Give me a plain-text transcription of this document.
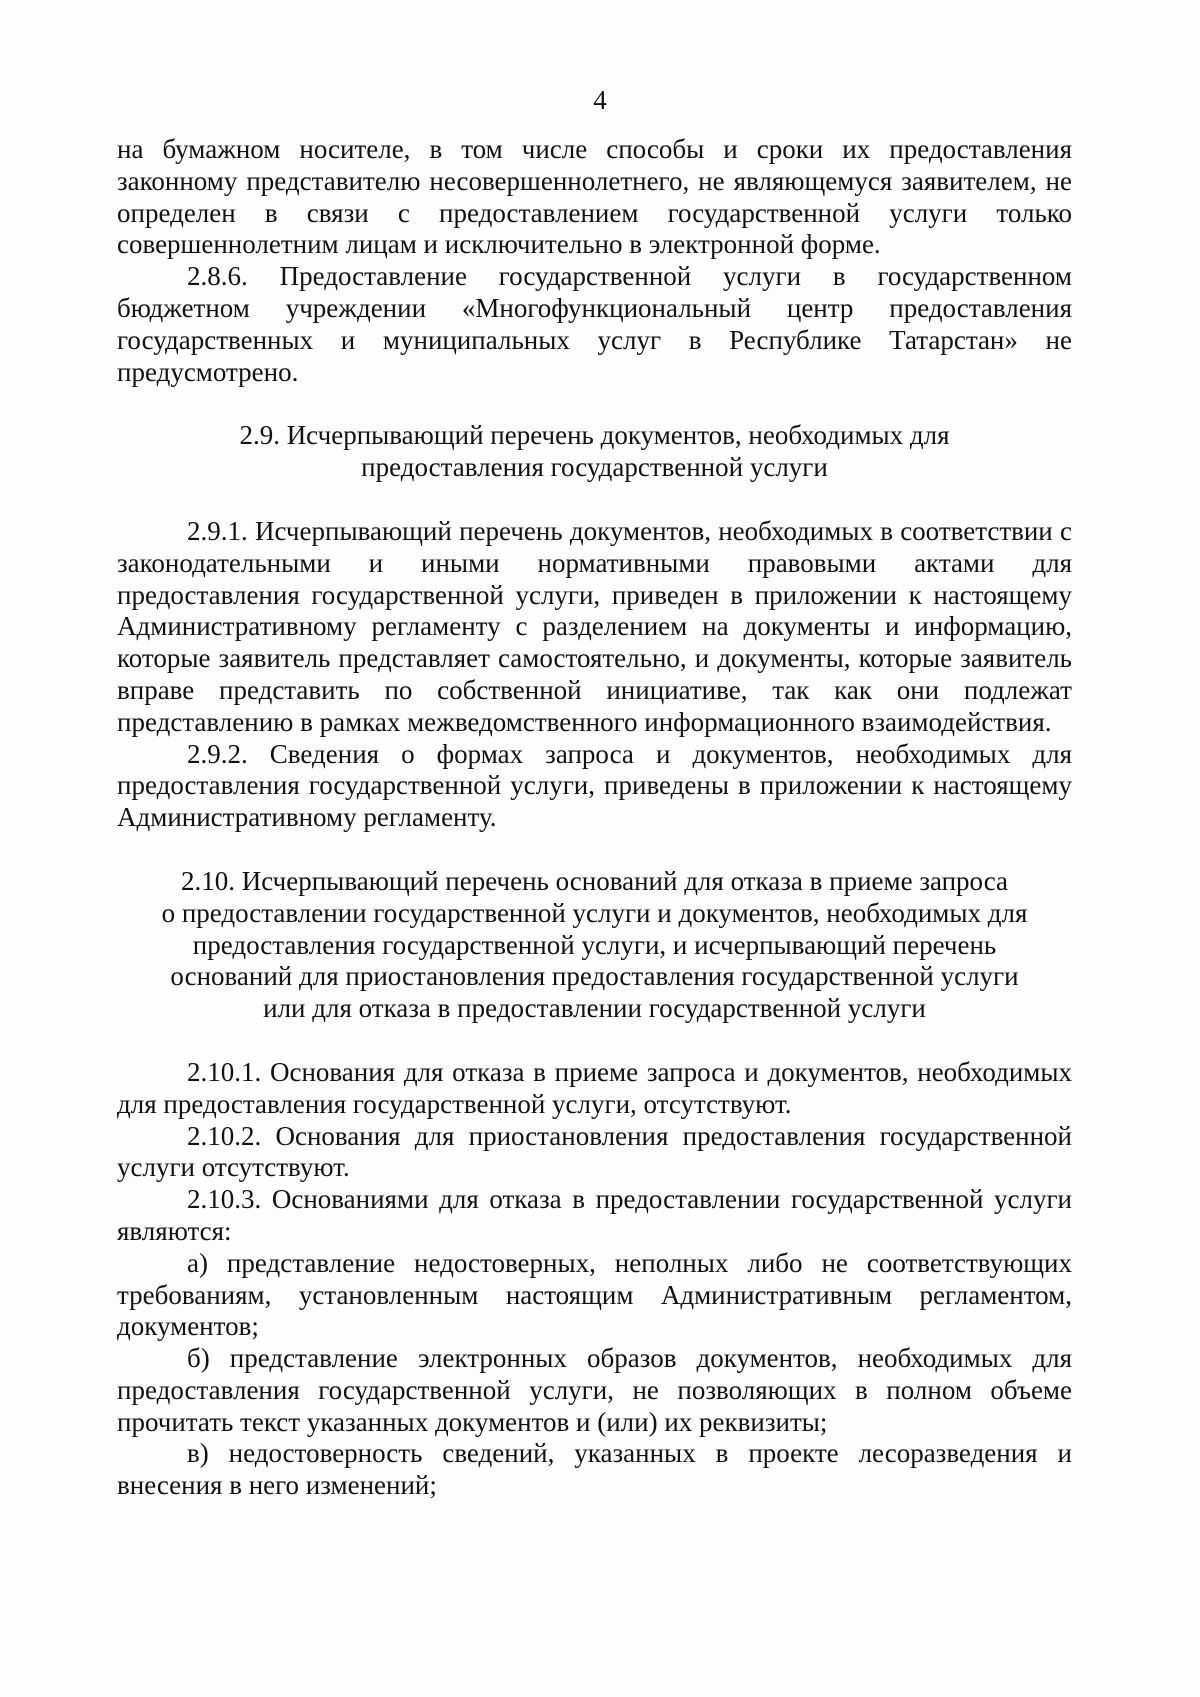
4

на бумажном носителе, в том числе способы и сроки их предоставления законному представителю несовершеннолетнего, не являющемуся заявителем, не определен в связи с предоставлением государственной услуги только совершеннолетним лицам и исключительно в электронной форме.

2.8.6. Предоставление государственной услуги в государственном бюджетном учреждении «Многофункциональный центр предоставления государственных и муниципальных услуг в Республике Татарстан» не предусмотрено.

2.9. Исчерпывающий перечень документов, необходимых для
предоставления государственной услуги

2.9.1. Исчерпывающий перечень документов, необходимых в соответствии с законодательными и иными нормативными правовыми актами для предоставления государственной услуги, приведен в приложении к настоящему Административному регламенту с разделением на документы и информацию, которые заявитель представляет самостоятельно, и документы, которые заявитель вправе представить по собственной инициативе, так как они подлежат представлению в рамках межведомственного информационного взаимодействия.

2.9.2. Сведения о формах запроса и документов, необходимых для предоставления государственной услуги, приведены в приложении к настоящему Административному регламенту.

2.10. Исчерпывающий перечень оснований для отказа в приеме запроса
о предоставлении государственной услуги и документов, необходимых для
предоставления государственной услуги, и исчерпывающий перечень
оснований для приостановления предоставления государственной услуги
или для отказа в предоставлении государственной услуги

2.10.1. Основания для отказа в приеме запроса и документов, необходимых для предоставления государственной услуги, отсутствуют.

2.10.2. Основания для приостановления предоставления государственной услуги отсутствуют.

2.10.3. Основаниями для отказа в предоставлении государственной услуги являются:

а) представление недостоверных, неполных либо не соответствующих требованиям, установленным настоящим Административным регламентом, документов;

б) представление электронных образов документов, необходимых для предоставления государственной услуги, не позволяющих в полном объеме прочитать текст указанных документов и (или) их реквизиты;

в) недостоверность сведений, указанных в проекте лесоразведения и внесения в него изменений;
